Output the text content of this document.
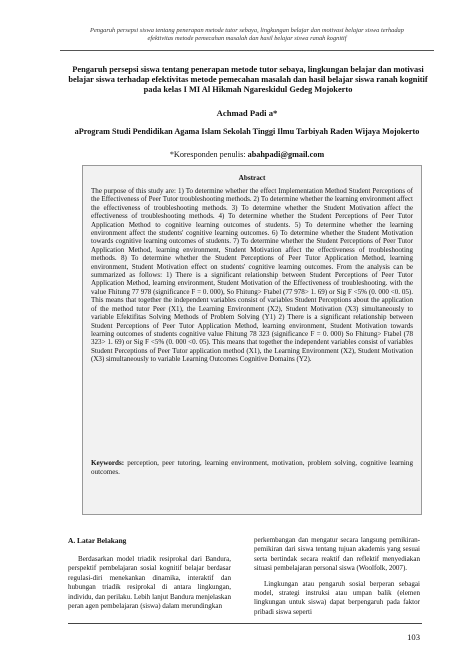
Pengaruh persepsi siswa tentang penerapan metode tutor sebaya, lingkungan belajar dan motivasi belajar siswa terhadap
efektivitas metode pemecahan masalah dan hasil belajar siswa ranah kognitif
Pengaruh persepsi siswa tentang penerapan metode tutor sebaya, lingkungan belajar dan motivasi belajar siswa terhadap efektivitas metode pemecahan masalah dan hasil belajar siswa ranah kognitif pada kelas I MI Al Hikmah Ngareskidul Gedeg Mojokerto
Achmad Padi a*
aProgram Studi Pendidikan Agama Islam Sekolah Tinggi Ilmu Tarbiyah Raden Wijaya Mojokerto
*Koresponden penulis: abahpadi@gmail.com
Abstract
The purpose of this study are: 1) To determine whether the effect Implementation Method Student Perceptions of the Effectiveness of Peer Tutor troubleshooting methods. 2) To determine whether the learning environment affect the effectiveness of troubleshooting methods. 3) To determine whether the Student Motivation affect the effectiveness of troubleshooting methods. 4) To determine whether the Student Perceptions of Peer Tutor Application Method to cognitive learning outcomes of students. 5) To determine whether the learning environment affect the students' cognitive learning outcomes. 6) To determine whether the Student Motivation towards cognitive learning outcomes of students. 7) To determine whether the Student Perceptions of Peer Tutor Application Method, learning environment, Student Motivation affect the effectiveness of troubleshooting methods. 8) To determine whether the Student Perceptions of Peer Tutor Application Method, learning environment, Student Motivation effect on students' cognitive learning outcomes. From the analysis can be summarized as follows: 1) There is a significant relationship between Student Perceptions of Peer Tutor Application Method, learning environment, Student Motivation of the Effectiveness of troubleshooting. with the value Fhitung 77 978 (significance F = 0. 000), So Fhitung> Ftabel (77 978> 1. 69) or Sig F <5% (0. 000 <0. 05). This means that together the independent variables consist of variables Student Perceptions about the application of the method tutor Peer (X1), the Learning Environment (X2), Student Motivation (X3) simultaneously to variable Efektifitas Solving Methods of Problem Solving (Y1) 2) There is a significant relationship between Student Perceptions of Peer Tutor Application Method, learning environment, Student Motivation towards learning outcomes of students cognitive value Fhitung 78 323 (significance F = 0. 000) So Fhitung> Ftabel (78 323> 1. 69) or Sig F <5% (0. 000 <0. 05). This means that together the independent variables consist of variables Student Perceptions of Peer Tutor application method (X1), the Learning Environment (X2), Student Motivation (X3) simultaneously to variable Learning Outcomes Cognitive Domains (Y2).
Keywords: perception, peer tutoring, learning environment, motivation, problem solving, cognitive learning outcomes.
A. Latar Belakang

Berdasarkan model triadik resiprokal dari Bandura, perspektif pembelajaran sosial kognitif belajar berdasar regulasi-diri menekankan dinamika, interaktif dan hubungan triadik resiprokal di antara lingkungan, individu, dan perilaku. Lebih lanjut Bandura menjelaskan peran agen pembelajaran (siswa) dalam merundingkan

perkembangan dan mengatur secara langsung pemikiran-pemikiran dari siswa tentang tujuan akademis yang sesuai serta bertindak secara reaktif dan reflektif menyediakan situasi pembelajaran personal siswa (Woolfolk, 2007).

Lingkungan atau pengaruh sosial berperan sebagai model, strategi instruksi atau umpan balik (elemen lingkungan untuk siswa) dapat berpengaruh pada faktor pribadi siswa seperti

103
